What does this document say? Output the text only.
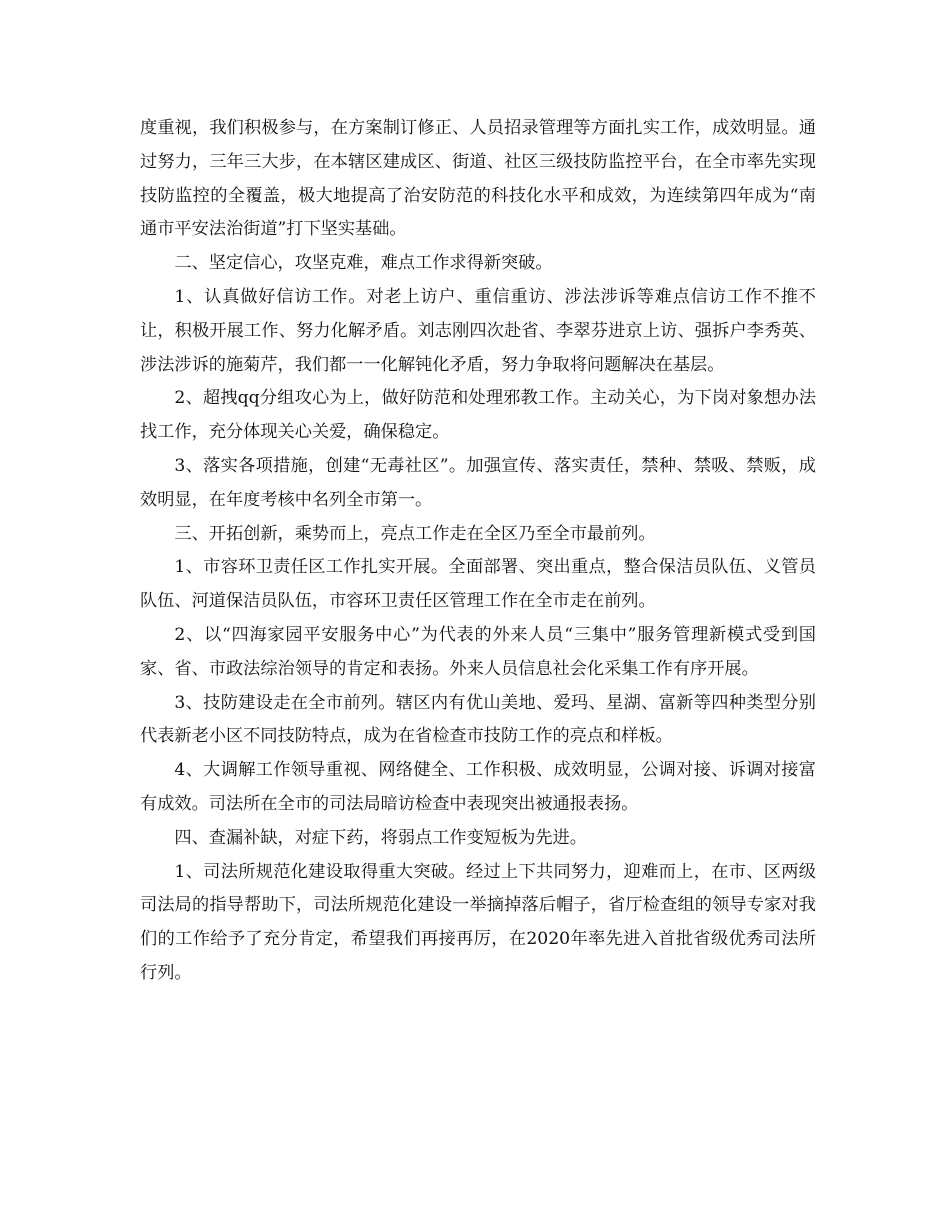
度重视，我们积极参与，在方案制订修正、人员招录管理等方面扎实工作，成效明显。通过努力，三年三大步，在本辖区建成区、街道、社区三级技防监控平台，在全市率先实现技防监控的全覆盖，极大地提高了治安防范的科技化水平和成效，为连续第四年成为“南通市平安法治街道”打下坚实基础。

二、坚定信心，攻坚克难，难点工作求得新突破。

1、认真做好信访工作。对老上访户、重信重访、涉法涉诉等难点信访工作不推不让，积极开展工作、努力化解矛盾。刘志刚四次赴省、李翠芬进京上访、强拆户李秀英、涉法涉诉的施菊芹，我们都一一化解钝化矛盾，努力争取将问题解决在基层。

2、超拽qq分组攻心为上，做好防范和处理邪教工作。主动关心，为下岗对象想办法找工作，充分体现关心关爱，确保稳定。

3、落实各项措施，创建“无毒社区”。加强宣传、落实责任，禁种、禁吸、禁贩，成效明显，在年度考核中名列全市第一。

三、开拓创新，乘势而上，亮点工作走在全区乃至全市最前列。

1、市容环卫责任区工作扎实开展。全面部署、突出重点，整合保洁员队伍、义管员队伍、河道保洁员队伍，市容环卫责任区管理工作在全市走在前列。

2、以“四海家园平安服务中心”为代表的外来人员“三集中”服务管理新模式受到国家、省、市政法综治领导的肯定和表扬。外来人员信息社会化采集工作有序开展。

3、技防建设走在全市前列。辖区内有优山美地、爱玛、星湖、富新等四种类型分别代表新老小区不同技防特点，成为在省检查市技防工作的亮点和样板。

4、大调解工作领导重视、网络健全、工作积极、成效明显，公调对接、诉调对接富有成效。司法所在全市的司法局暗访检查中表现突出被通报表扬。

四、查漏补缺，对症下药，将弱点工作变短板为先进。

1、司法所规范化建设取得重大突破。经过上下共同努力，迎难而上，在市、区两级司法局的指导帮助下，司法所规范化建设一举摘掉落后帽子，省厅检查组的领导专家对我们的工作给予了充分肯定，希望我们再接再厉，在2020年率先进入首批省级优秀司法所行列。
